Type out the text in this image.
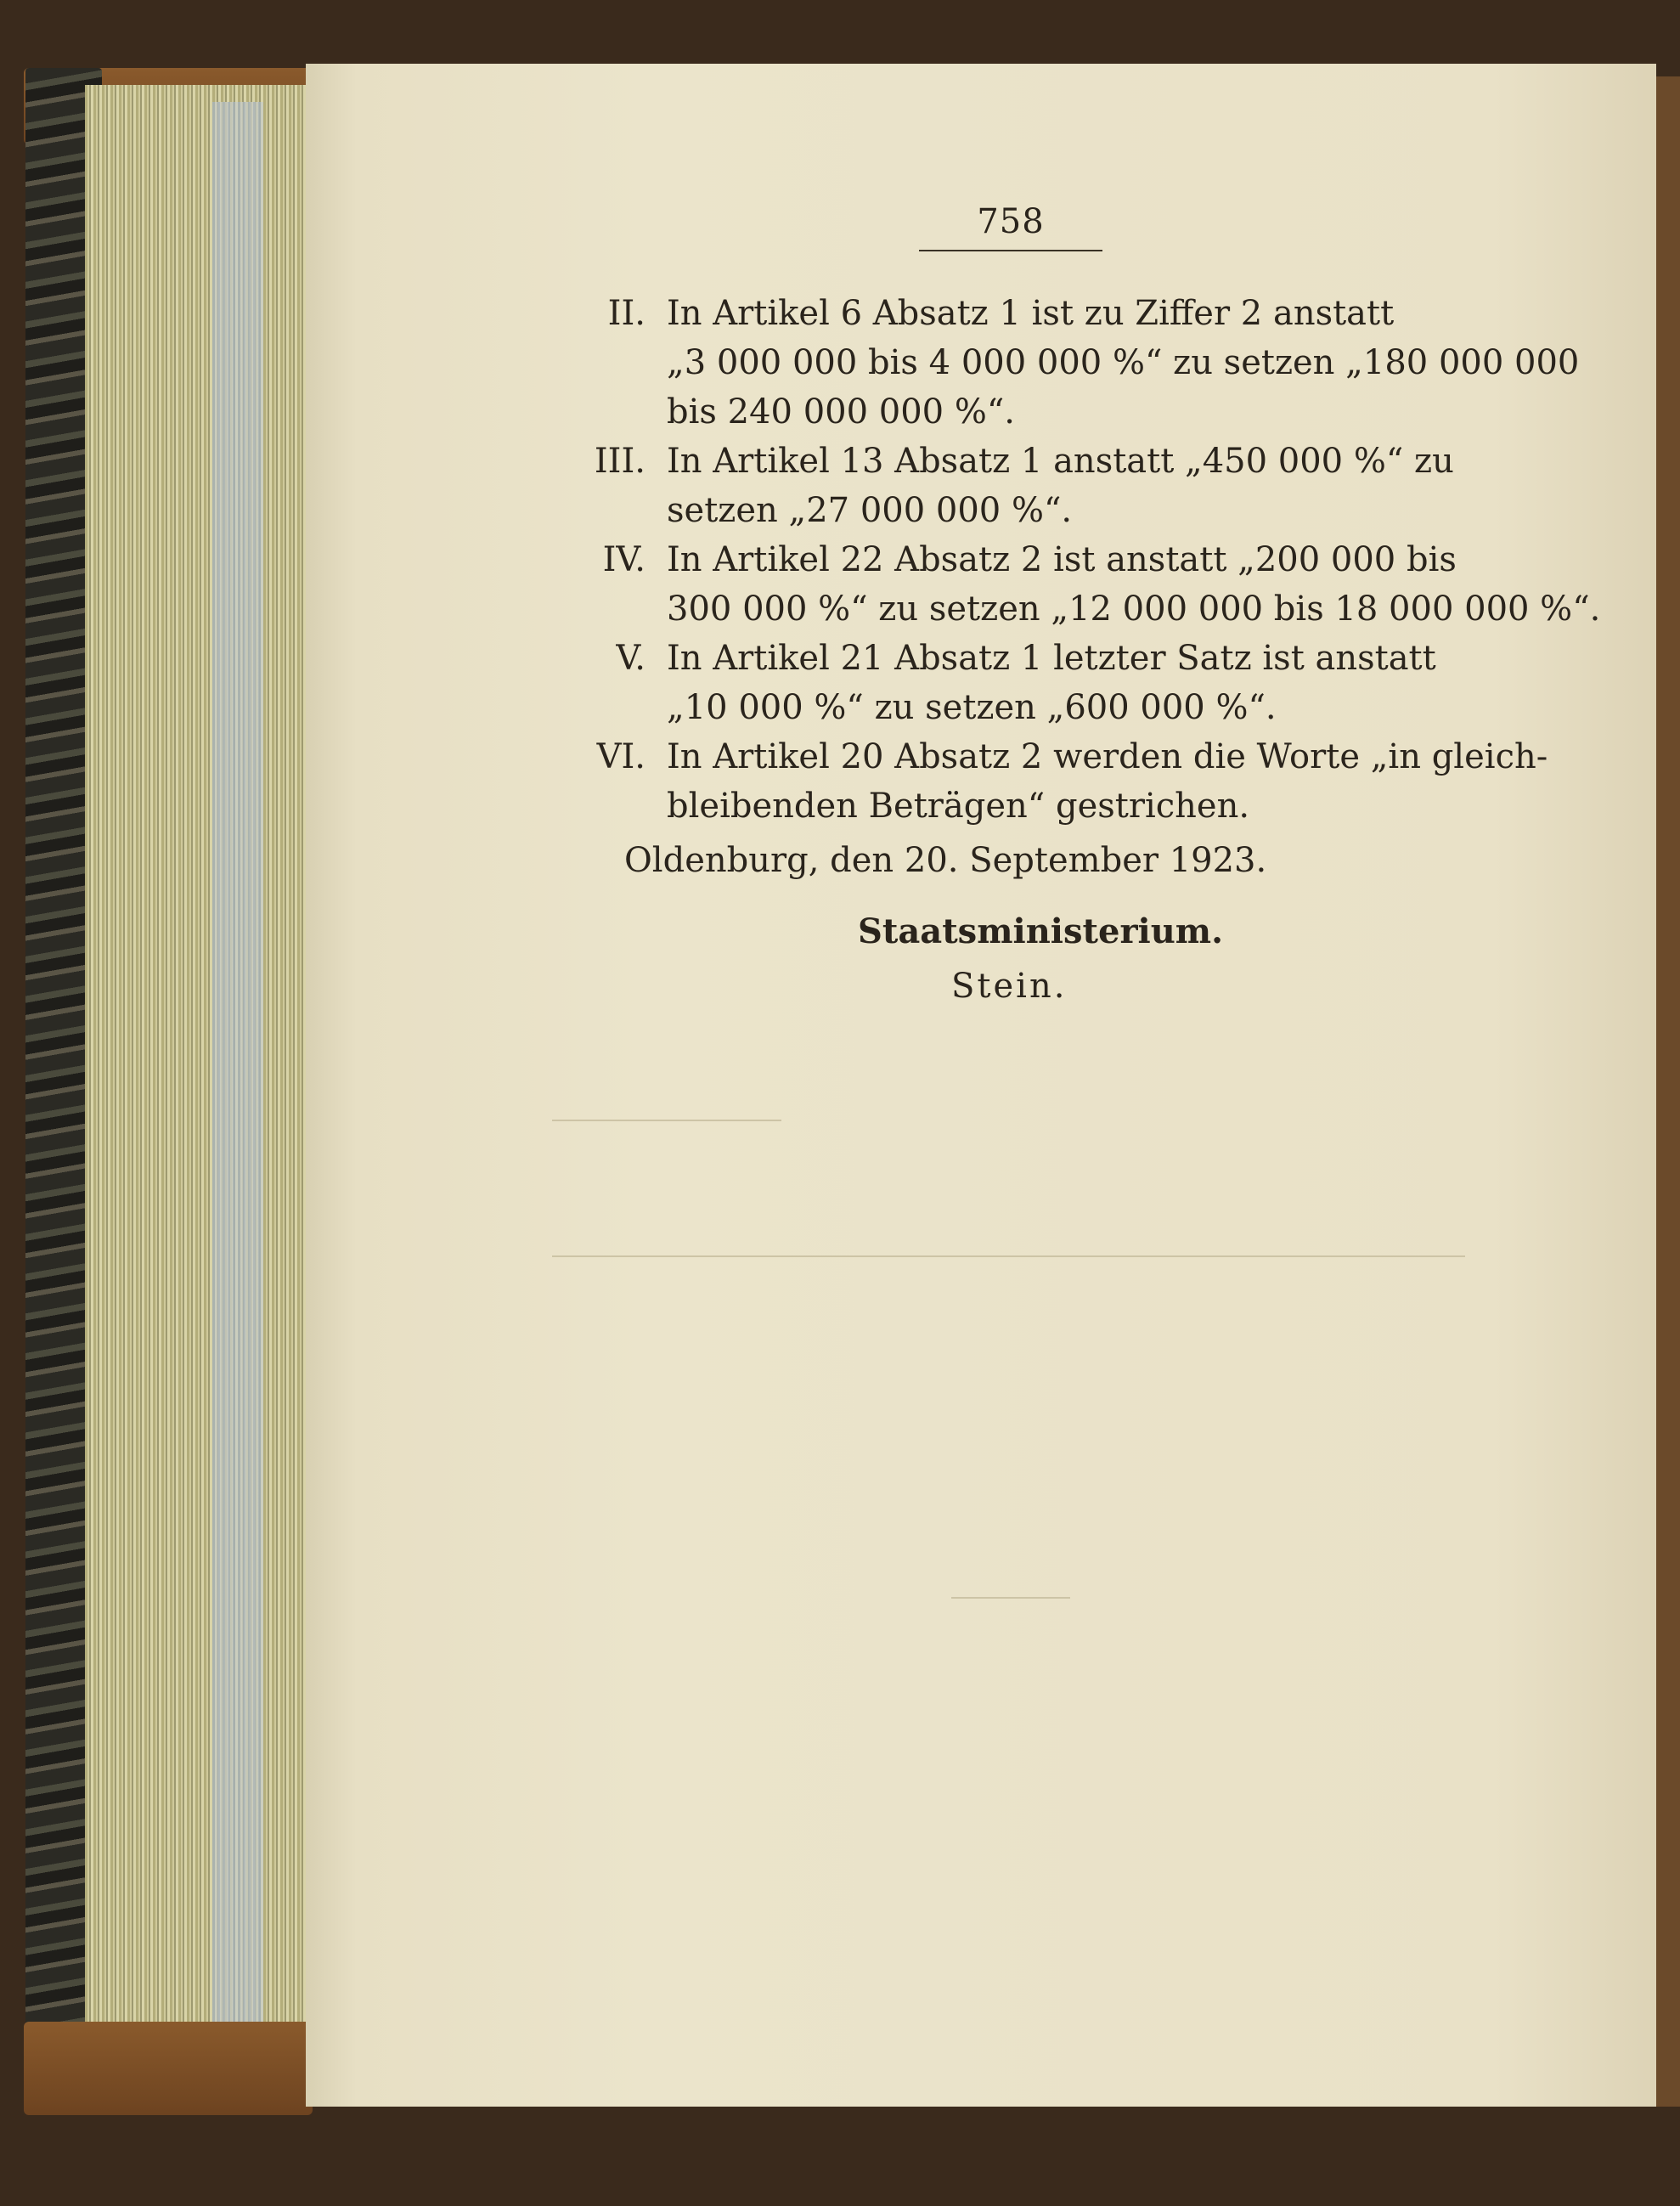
758
II. In Artikel 6 Absatz 1 ist zu Ziffer 2 anstatt
„3 000 000 bis 4 000 000 %“ zu setzen „180 000 000
bis 240 000 000 %“.
III. In Artikel 13 Absatz 1 anstatt „450 000 %“ zu
setzen „27 000 000 %“.
IV. In Artikel 22 Absatz 2 ist anstatt „200 000 bis
300 000 %“ zu setzen „12 000 000 bis 18 000 000 %“.
V. In Artikel 21 Absatz 1 letzter Satz ist anstatt
„10 000 %“ zu setzen „600 000 %“.
VI. In Artikel 20 Absatz 2 werden die Worte „in gleich-
bleibenden Beträgen“ gestrichen.
Oldenburg, den 20. September 1923.
Staatsministerium.
Stein.
